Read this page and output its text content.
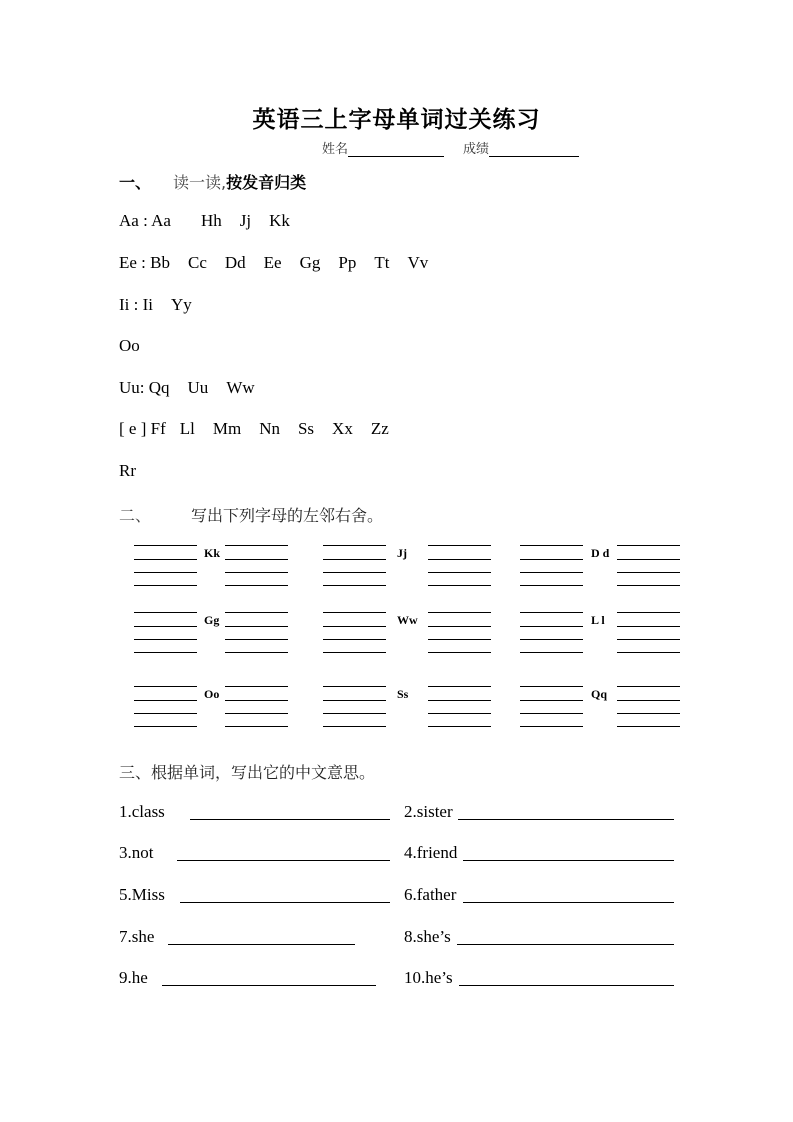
英语三上字母单词过关练习
姓名	成绩
一、 读一读,按发音归类
Aa : Aa Hh Jj Kk
Ee : Bb Cc Dd Ee Gg Pp Tt Vv
Ii : Ii Yy
Oo
Uu: Qq Uu Ww
[ e ] Ff Ll Mm Nn Ss Xx Zz
Rr
二、	写出下列字母的左邻右舍。
Kk	Jj	D d
Gg	Ww	L l
Oo	Ss	Qq
三、根据单词，写出它的中文意思。
1.class	2.sister
3.not	4.friend
5.Miss	6.father
7.she	8.she’s
9.he	10.he’s
